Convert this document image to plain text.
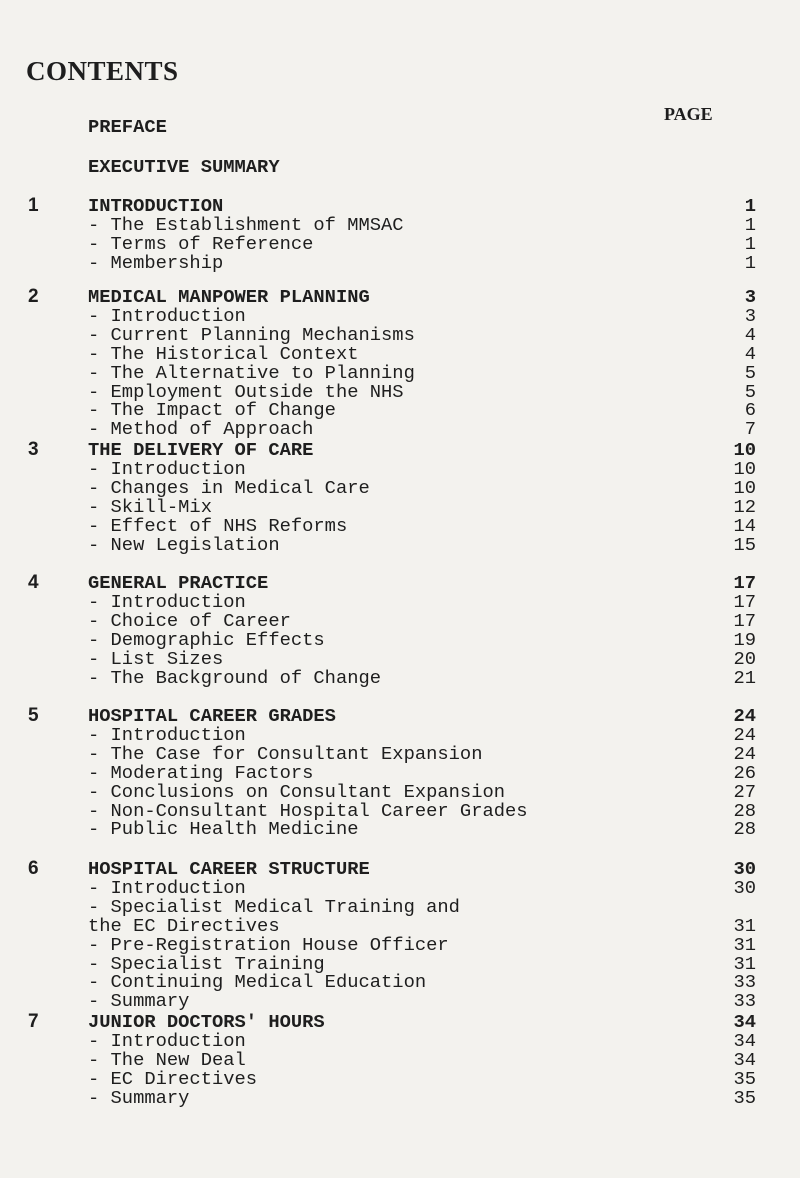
CONTENTS
PAGE
PREFACE
EXECUTIVE SUMMARY
1	INTRODUCTION	1
- The Establishment of MMSAC	1
- Terms of Reference	1
- Membership	1
2	MEDICAL MANPOWER PLANNING	3
- Introduction	3
- Current Planning Mechanisms	4
- The Historical Context	4
- The Alternative to Planning	5
- Employment Outside the NHS	5
- The Impact of Change	6
- Method of Approach	7
3	THE DELIVERY OF CARE	10
- Introduction	10
- Changes in Medical Care	10
- Skill-Mix	12
- Effect of NHS Reforms	14
- New Legislation	15
4	GENERAL PRACTICE	17
- Introduction	17
- Choice of Career	17
- Demographic Effects	19
- List Sizes	20
- The Background of Change	21
5	HOSPITAL CAREER GRADES	24
- Introduction	24
- The Case for Consultant Expansion	24
- Moderating Factors	26
- Conclusions on Consultant Expansion	27
- Non-Consultant Hospital Career Grades	28
- Public Health Medicine	28
6	HOSPITAL CAREER STRUCTURE	30
- Introduction	30
- Specialist Medical Training and
the EC Directives	31
- Pre-Registration House Officer	31
- Specialist Training	31
- Continuing Medical Education	33
- Summary	33
7	JUNIOR DOCTORS' HOURS	34
- Introduction	34
- The New Deal	34
- EC Directives	35
- Summary	35
